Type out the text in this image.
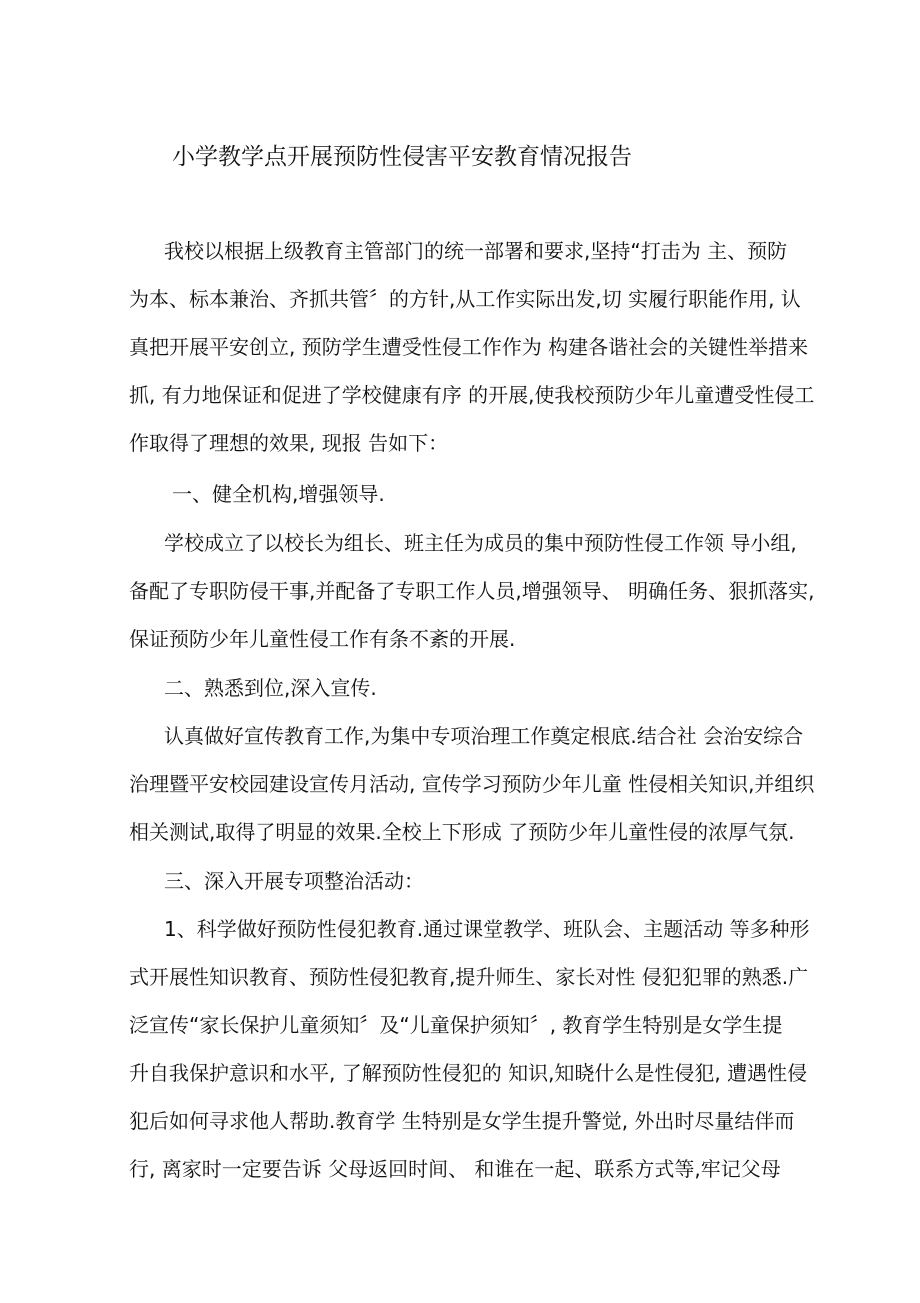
小学教学点开展预防性侵害平安教育情况报告
我校以根据上级教育主管部门的统一部署和要求,坚持“打击为 主、预防
为本、标本兼治、齐抓共管〞的方针,从工作实际出发,切 实履行职能作用, 认
真把开展平安创立, 预防学生遭受性侵工作作为 构建各谐社会的关键性举措来
抓, 有力地保证和促进了学校健康有序 的开展,使我校预防少年儿童遭受性侵工
作取得了理想的效果, 现报 告如下：
一、健全机构,增强领导.
学校成立了以校长为组长、班主任为成员的集中预防性侵工作领 导小组,
备配了专职防侵干事,并配备了专职工作人员,增强领导、 明确任务、狠抓落实,
保证预防少年儿童性侵工作有条不紊的开展.
二、熟悉到位,深入宣传.
认真做好宣传教育工作,为集中专项治理工作奠定根底.结合社 会治安综合
治理暨平安校园建设宣传月活动, 宣传学习预防少年儿童 性侵相关知识,并组织
相关测试,取得了明显的效果.全校上下形成 了预防少年儿童性侵的浓厚气氛.
三、深入开展专项整治活动：
1、科学做好预防性侵犯教育.通过课堂教学、班队会、主题活动 等多种形
式开展性知识教育、预防性侵犯教育,提升师生、家长对性 侵犯犯罪的熟悉.广
泛宣传“家长保护儿童须知〞及“儿童保护须知〞, 教育学生特别是女学生提
升自我保护意识和水平, 了解预防性侵犯的 知识,知晓什么是性侵犯, 遭遇性侵
犯后如何寻求他人帮助.教育学 生特别是女学生提升警觉, 外出时尽量结伴而
行, 离家时一定要告诉 父母返回时间、 和谁在一起、联系方式等,牢记父母
